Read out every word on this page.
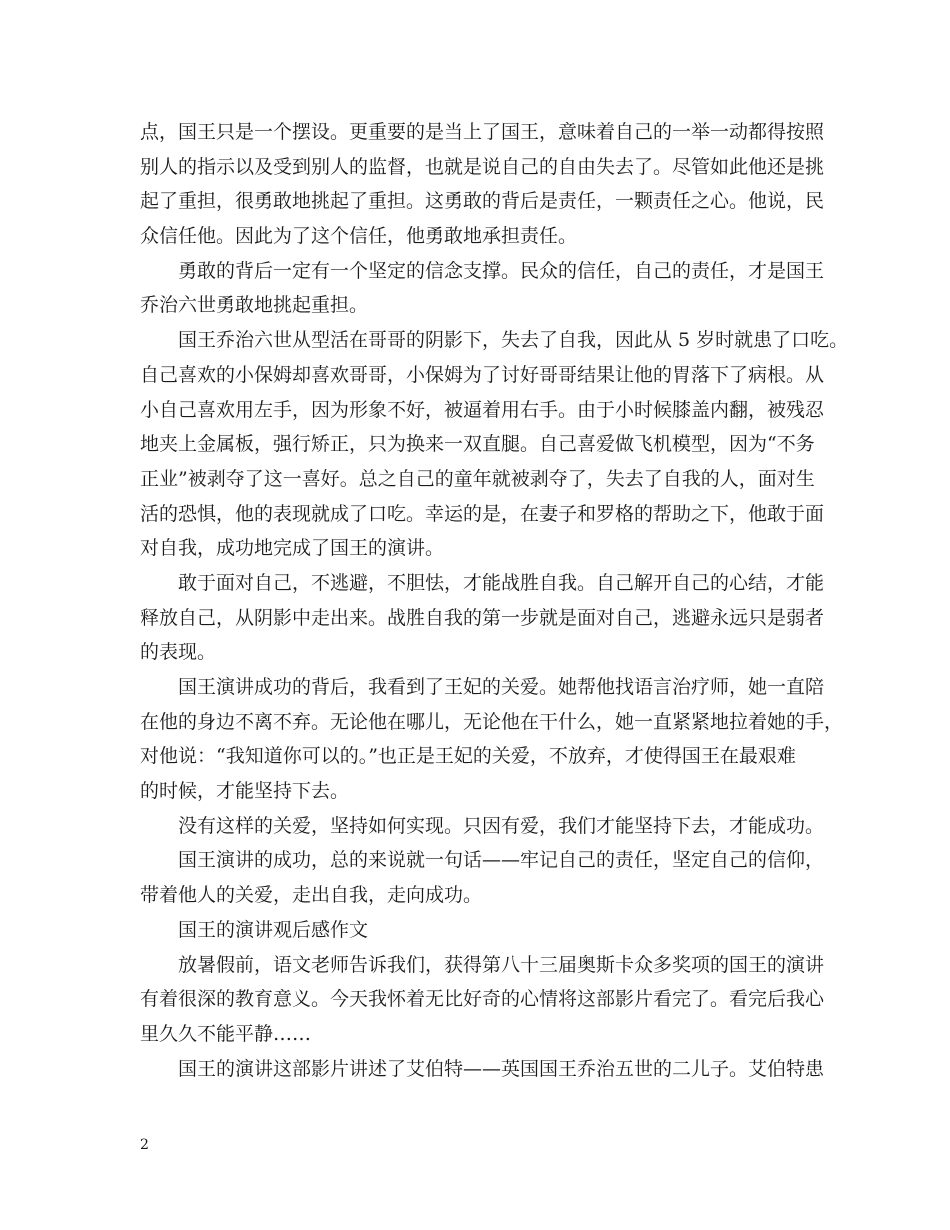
点，国王只是一个摆设。更重要的是当上了国王，意味着自己的一举一动都得按照
别人的指示以及受到别人的监督，也就是说自己的自由失去了。尽管如此他还是挑
起了重担，很勇敢地挑起了重担。这勇敢的背后是责任，一颗责任之心。他说，民
众信任他。因此为了这个信任，他勇敢地承担责任。
勇敢的背后一定有一个坚定的信念支撑。民众的信任，自己的责任，才是国王
乔治六世勇敢地挑起重担。
国王乔治六世从型活在哥哥的阴影下，失去了自我，因此从 5 岁时就患了口吃。
自己喜欢的小保姆却喜欢哥哥，小保姆为了讨好哥哥结果让他的胃落下了病根。从
小自己喜欢用左手，因为形象不好，被逼着用右手。由于小时候膝盖内翻，被残忍
地夹上金属板，强行矫正，只为换来一双直腿。自己喜爱做飞机模型，因为“不务
正业”被剥夺了这一喜好。总之自己的童年就被剥夺了，失去了自我的人，面对生
活的恐惧，他的表现就成了口吃。幸运的是，在妻子和罗格的帮助之下，他敢于面
对自我，成功地完成了国王的演讲。
敢于面对自己，不逃避，不胆怯，才能战胜自我。自己解开自己的心结，才能
释放自己，从阴影中走出来。战胜自我的第一步就是面对自己，逃避永远只是弱者
的表现。
国王演讲成功的背后，我看到了王妃的关爱。她帮他找语言治疗师，她一直陪
在他的身边不离不弃。无论他在哪儿，无论他在干什么，她一直紧紧地拉着她的手，
对他说：“我知道你可以的。”也正是王妃的关爱，不放弃，才使得国王在最艰难
的时候，才能坚持下去。
没有这样的关爱，坚持如何实现。只因有爱，我们才能坚持下去，才能成功。
国王演讲的成功，总的来说就一句话——牢记自己的责任，坚定自己的信仰，
带着他人的关爱，走出自我，走向成功。
国王的演讲观后感作文
放暑假前，语文老师告诉我们，获得第八十三届奥斯卡众多奖项的国王的演讲
有着很深的教育意义。今天我怀着无比好奇的心情将这部影片看完了。看完后我心
里久久不能平静……
国王的演讲这部影片讲述了艾伯特——英国国王乔治五世的二儿子。艾伯特患
2
